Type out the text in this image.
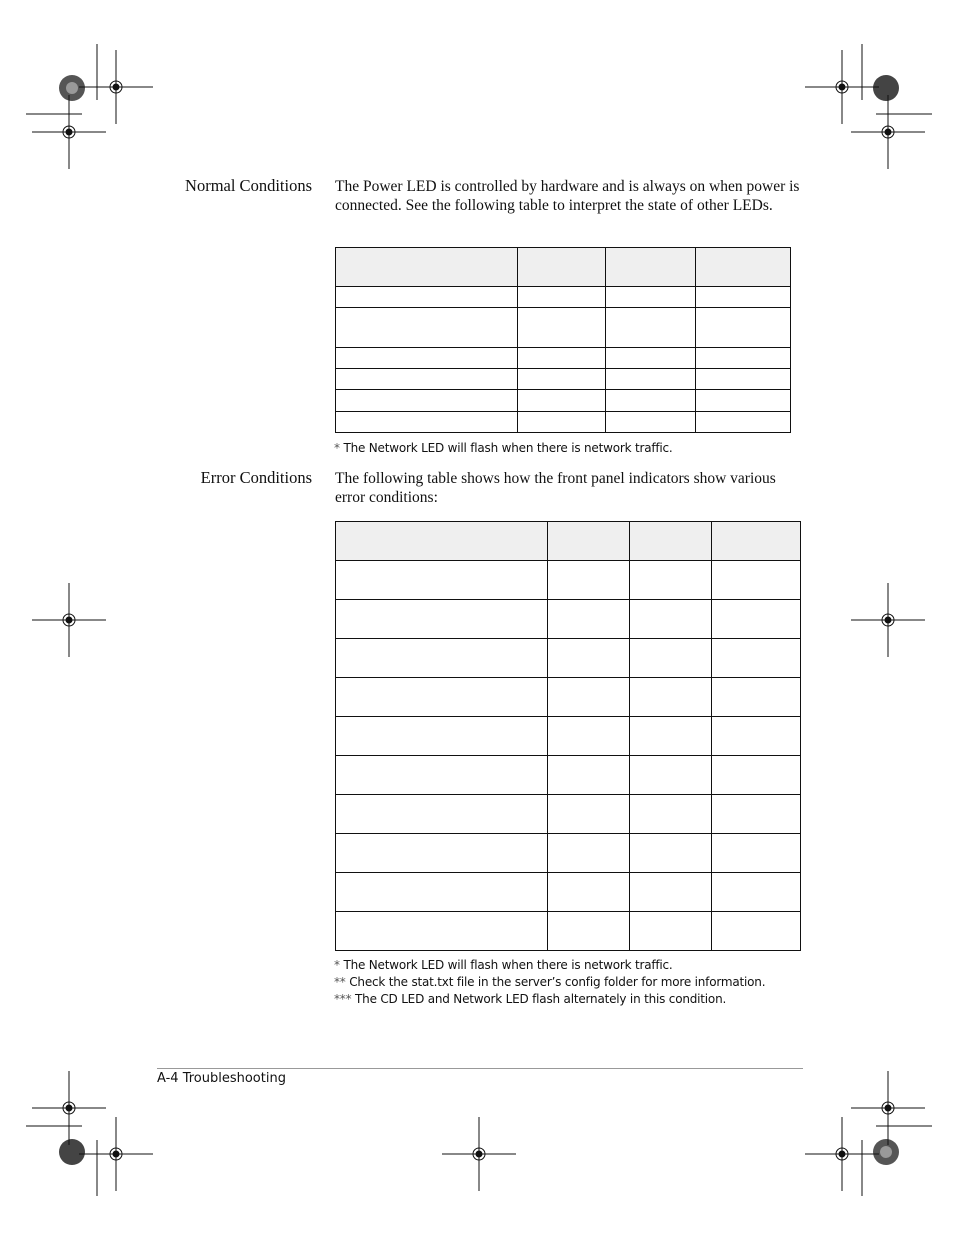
Normal Conditions The Power LED is controlled by hardware and is always on when power is connected. See the following table to interpret the state of other LEDs.

* The Network LED will flash when there is network traffic.
Error Conditions The following table shows how the front panel indicators show various error conditions:

* The Network LED will flash when there is network traffic.
** Check the stat.txt file in the server’s config folder for more information.
*** The CD LED and Network LED flash alternately in this condition.
A-4 Troubleshooting
